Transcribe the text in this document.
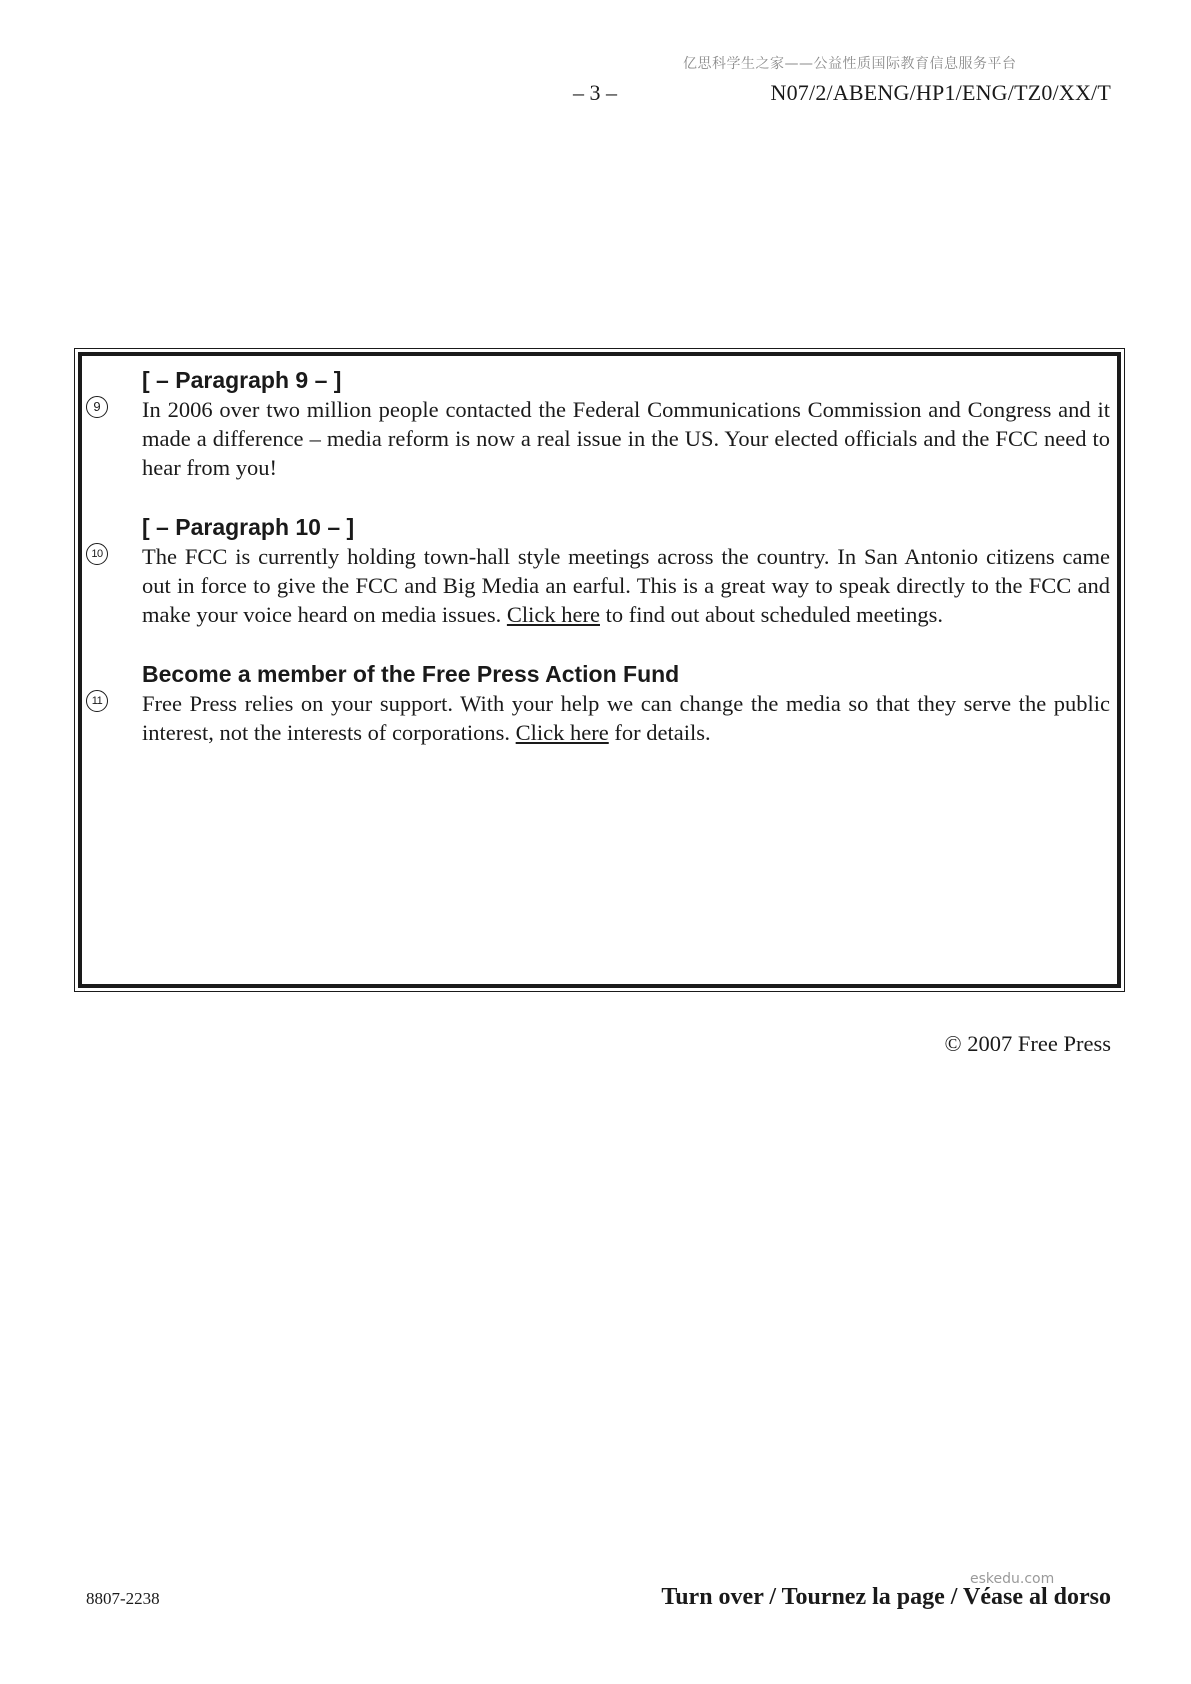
亿思科学生之家——公益性质国际教育信息服务平台
– 3 –	N07/2/ABENG/HP1/ENG/TZ0/XX/T
9
[ – Paragraph 9 – ]

In 2006 over two million people contacted the Federal Communications Commission and Congress and it made a difference – media reform is now a real issue in the US. Your elected officials and the FCC need to hear from you!

10
[ – Paragraph 10 – ]

The FCC is currently holding town-hall style meetings across the country. In San Antonio citizens came out in force to give the FCC and Big Media an earful. This is a great way to speak directly to the FCC and make your voice heard on media issues. Click here to find out about scheduled meetings.

11
Become a member of the Free Press Action Fund

Free Press relies on your support. With your help we can change the media so that they serve the public interest, not the interests of corporations. Click here for details.

© 2007 Free Press
8807-2238
eskedu.com
Turn over / Tournez la page / Véase al dorso
